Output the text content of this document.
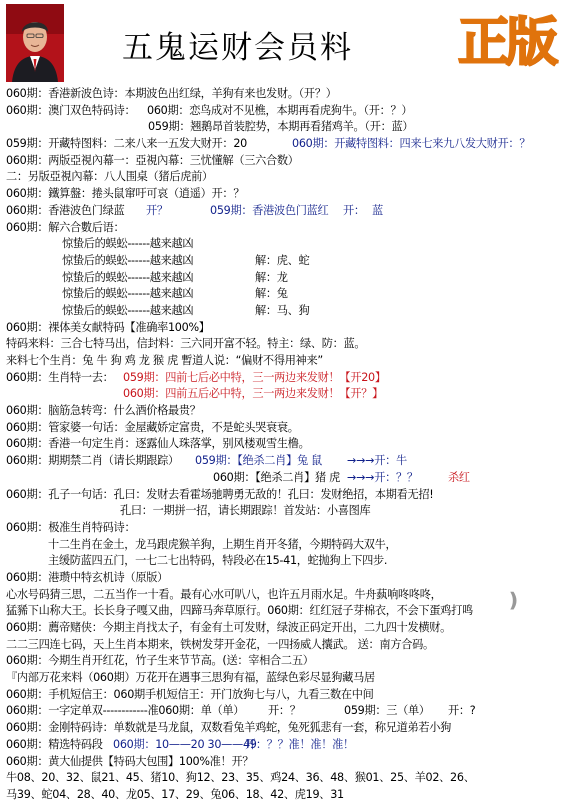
五鬼运财会员料 正版
060期：香港新波色诗：本期波色出红绿，羊狗有来也发财。（开？）
060期：澳门双色特码诗： 060期：恋鸟成对不见樵，本期再看虎狗牛。（开：？）
059期：翘鹅昂首装腔势，本期再看猪鸡羊。（开：蓝）
059期：开藏特图料：二来八来一五发大财开：20	060期：开藏特图料：四来七来九八发大财开：？
060期：两版亞視內幕一：亞視內幕：三忧懂解（三六合数）
二：另版亞視內幕：八人围桌（猪后虎前）
060期：鐵算盤：捲头鼠窜吁可哀（逍遥）开：？
060期：香港波色门绿蓝 开？	059期：香港波色门蓝红 开： 蓝
060期：解六合數后语：
惊蛰后的蜈蚣------越来越凶
惊蛰后的蜈蚣------越来越凶	解：虎、蛇
惊蛰后的蜈蚣------越来越凶	解：龙
惊蛰后的蜈蚣------越来越凶	解：兔
惊蛰后的蜈蚣------越来越凶	解：马、狗
060期：裸体美女献特码【准确率100%】
特码来料：三合七特马出，信封料：三六同开富不轻。特主：绿、防：蓝。
来料七个生肖：兔 牛 狗 鸡 龙 猴 虎 暫道人说：“偏财不得用神来”
060期：生肖特一去： 059期：四前七后必中特，三一两边来发财！【开20】
060期：四前五后必中特，三一两边来发财！【开？】
060期：脑筋急转弯：什么酒价格最贵？
060期：管家婆一句话：金屋藏娇定富贵，不是蛇头哭衰衰。
060期：香港一句定生肖：逐露仙人珠落掌，别风楼观雪生橹。
060期：期期禁二肖（请长期跟踪） 059期：【绝杀二肖】兔 鼠 →→→开：牛
060期：【绝杀二肖】猪 虎 →→→开：？？	杀红
060期：孔子一句话：孔曰：发财去看霍场驰聘勇无敌的！孔曰：发财绝招，本期看无招!
孔曰：一期拼一招，请长期跟踪！首发站：小喜图库
060期：极准生肖特码诗：
十二生肖在金土，龙马跟虎猴羊狗，上期生肖开冬猪，今期特码大双牛，
主缓防蓝四五门，一七二七出特码，特段必在15-41，蛇抛狗上下四步.
060期：港瓒中特玄机诗（原版）
心水号码猜三思，二五当作一十看。最有心水可叭八，也许五月雨水足。牛舟蓺响咚咚咚，
猛豨下山称大王。长长身子嘎又曲，四蹄马奔草原行。060期：红红冠子芽棉衣，不会下蛋鸡打鸣
060期：薦帝赌侠：今期主肖找太子，有金有土可发财，绿波正码定开出，二九四十发横财。
二二三四连七码，天上生肖本期来，铁树发芽开金花，一四扬威人攮武。 送：南方合码。
060期：今期生肖开红花，竹子生来节节高。(送：宰相合二五）
『内部万花来料（060期）万花开在遇事三思狗有福，蓝绿色彩尽显狗藏马居
060期：手机短信王：060期手机短信王：开门放狗七与八，九看三数在中间
060期：一字定单双------------准060期：单（单） 开：？	059期：三（单） 开：?
060期：金刚特码诗：单数就是马龙鼠，双数看兔羊鸡蛇，兔死狐悲有一套，称兄道弟若小狗
060期：精选特码段 060期：10——20 30——49
开：？？准！准！准！
060期：黄大仙提供【特码大包围】100%准！开？
牛08、20、32、鼠21、45、猪10、狗12、23、35、鸡24、36、48、猴01、25、羊02、26、
马39、蛇04、28、40、龙05、17、29、兔06、18、42、虎19、31
❫
